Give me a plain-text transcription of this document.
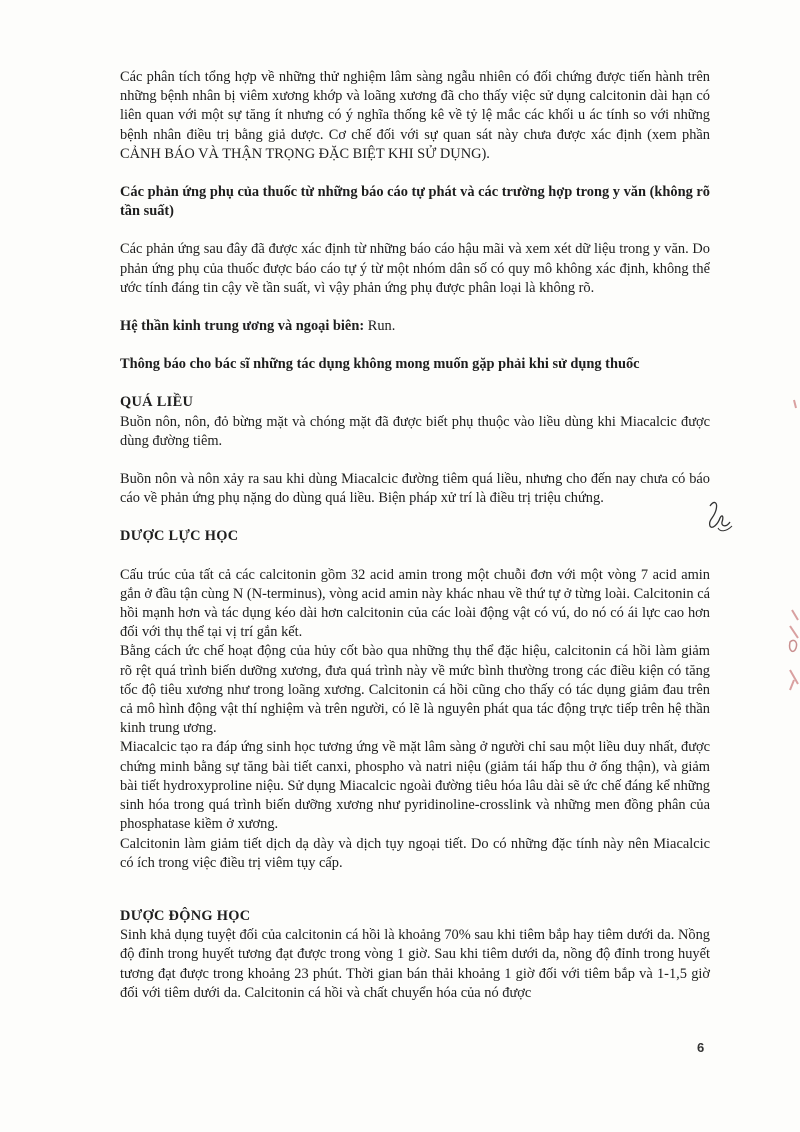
Các phân tích tổng hợp về những thử nghiệm lâm sàng ngẫu nhiên có đối chứng được tiến hành trên những bệnh nhân bị viêm xương khớp và loãng xương đã cho thấy việc sử dụng calcitonin dài hạn có liên quan với một sự tăng ít nhưng có ý nghĩa thống kê về tỷ lệ mắc các khối u ác tính so với những bệnh nhân điều trị bằng giả dược. Cơ chế đối với sự quan sát này chưa được xác định (xem phần CẢNH BÁO VÀ THẬN TRỌNG ĐẶC BIỆT KHI SỬ DỤNG).

Các phản ứng phụ của thuốc từ những báo cáo tự phát và các trường hợp trong y văn (không rõ tần suất)

Các phản ứng sau đây đã được xác định từ những báo cáo hậu mãi và xem xét dữ liệu trong y văn. Do phản ứng phụ của thuốc được báo cáo tự ý từ một nhóm dân số có quy mô không xác định, không thể ước tính đáng tin cậy về tần suất, vì vậy phản ứng phụ được phân loại là không rõ.

Hệ thần kinh trung ương và ngoại biên: Run.

Thông báo cho bác sĩ những tác dụng không mong muốn gặp phải khi sử dụng thuốc

QUÁ LIỀU

Buồn nôn, nôn, đỏ bừng mặt và chóng mặt đã được biết phụ thuộc vào liều dùng khi Miacalcic được dùng đường tiêm.

Buồn nôn và nôn xảy ra sau khi dùng Miacalcic đường tiêm quá liều, nhưng cho đến nay chưa có báo cáo về phản ứng phụ nặng do dùng quá liều. Biện pháp xử trí là điều trị triệu chứng.

DƯỢC LỰC HỌC

Cấu trúc của tất cả các calcitonin gồm 32 acid amin trong một chuỗi đơn với một vòng 7 acid amin gắn ở đầu tận cùng N (N-terminus), vòng acid amin này khác nhau về thứ tự ở từng loài. Calcitonin cá hồi mạnh hơn và tác dụng kéo dài hơn calcitonin của các loài động vật có vú, do nó có ái lực cao hơn đối với thụ thể tại vị trí gắn kết.

Bằng cách ức chế hoạt động của hủy cốt bào qua những thụ thể đặc hiệu, calcitonin cá hồi làm giảm rõ rệt quá trình biến dưỡng xương, đưa quá trình này về mức bình thường trong các điều kiện có tăng tốc độ tiêu xương như trong loãng xương. Calcitonin cá hồi cũng cho thấy có tác dụng giảm đau trên cả mô hình động vật thí nghiệm và trên người, có lẽ là nguyên phát qua tác động trực tiếp trên hệ thần kinh trung ương.

Miacalcic tạo ra đáp ứng sinh học tương ứng về mặt lâm sàng ở người chỉ sau một liều duy nhất, được chứng minh bằng sự tăng bài tiết canxi, phospho và natri niệu (giảm tái hấp thu ở ống thận), và giảm bài tiết hydroxyproline niệu. Sử dụng Miacalcic ngoài đường tiêu hóa lâu dài sẽ ức chế đáng kể những sinh hóa trong quá trình biến dưỡng xương như pyridinoline-crosslink và những men đồng phân của phosphatase kiềm ở xương.

Calcitonin làm giảm tiết dịch dạ dày và dịch tụy ngoại tiết. Do có những đặc tính này nên Miacalcic có ích trong việc điều trị viêm tụy cấp.

DƯỢC ĐỘNG HỌC

Sinh khả dụng tuyệt đối của calcitonin cá hồi là khoảng 70% sau khi tiêm bắp hay tiêm dưới da. Nồng độ đỉnh trong huyết tương đạt được trong vòng 1 giờ. Sau khi tiêm dưới da, nồng độ đỉnh trong huyết tương đạt được trong khoảng 23 phút. Thời gian bán thải khoảng 1 giờ đối với tiêm bắp và 1-1,5 giờ đối với tiêm dưới da. Calcitonin cá hồi và chất chuyển hóa của nó được

6
